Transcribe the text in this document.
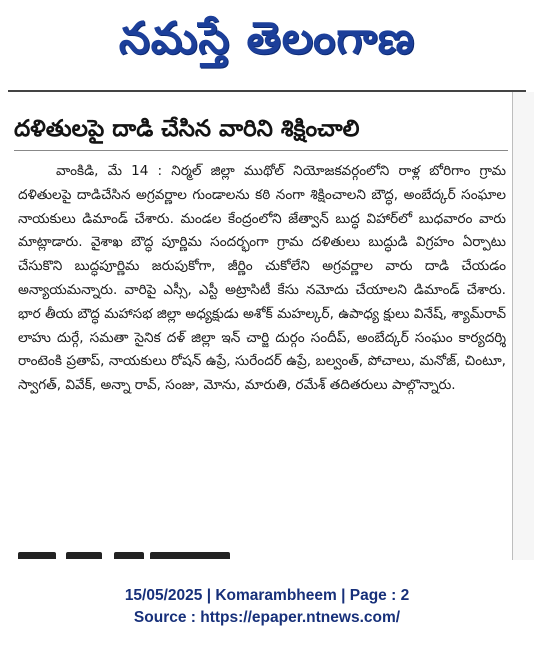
నమస్తే తెలంగాణ
దళితులపై దాడి చేసిన వారిని శిక్షించాలి

వాంకిడి, మే 14 : నిర్మల్ జిల్లా ముథోల్ నియోజకవర్గంలోని రాళ్ల బోరిగాం గ్రామ దళితులపై దాడిచేసిన అగ్రవర్ణాల గుండాలను కఠి నంగా శిక్షించాలని బౌద్ధ, అంబేద్కర్ సంఘాల నాయకులు డిమాండ్ చేశారు. మండల కేంద్రంలోని జేత్వాన్ బుద్ధ విహార్‌లో బుధవారం వారు మాట్లాడారు. వైశాఖ బౌద్ధ పూర్ణిమ సందర్భంగా గ్రామ దళితులు బుద్ధుడి విగ్రహం ఏర్పాటు చేసుకొని బుద్ధపూర్ణిమ జరుపుకోగా, జీర్ణిం చుకోలేని అగ్రవర్ణాల వారు దాడి చేయడం అన్యాయమన్నారు. వారిపై ఎస్సీ, ఎస్టీ అట్రాసిటీ కేసు నమోదు చేయాలని డిమాండ్ చేశారు. భార తీయ బౌద్ధ మహాసభ జిల్లా అధ్యక్షుడు అశోక్ మహల్కర్, ఉపాధ్య క్షులు వినేష్, శ్యామ్‌రావ్ లాహు దుర్గే, సమతా సైనిక దళ్ జిల్లా ఇన్ చార్జి దుర్గం సందీప్, అంబేద్కర్ సంఘం కార్యదర్శి రాంటెంకి ప్రతాప్, నాయకులు రోషన్ ఉప్రే, సురేందర్ ఉప్రే, బల్వంత్, పోచాలు, మనోజ్, చింటూ, స్వాగత్, వివేక్, అన్నా రావ్, సంజు, మోను, మారుతి, రమేశ్ తదితరులు పాల్గొన్నారు.

15/05/2025 | Komarambheem | Page : 2
Source : https://epaper.ntnews.com/
